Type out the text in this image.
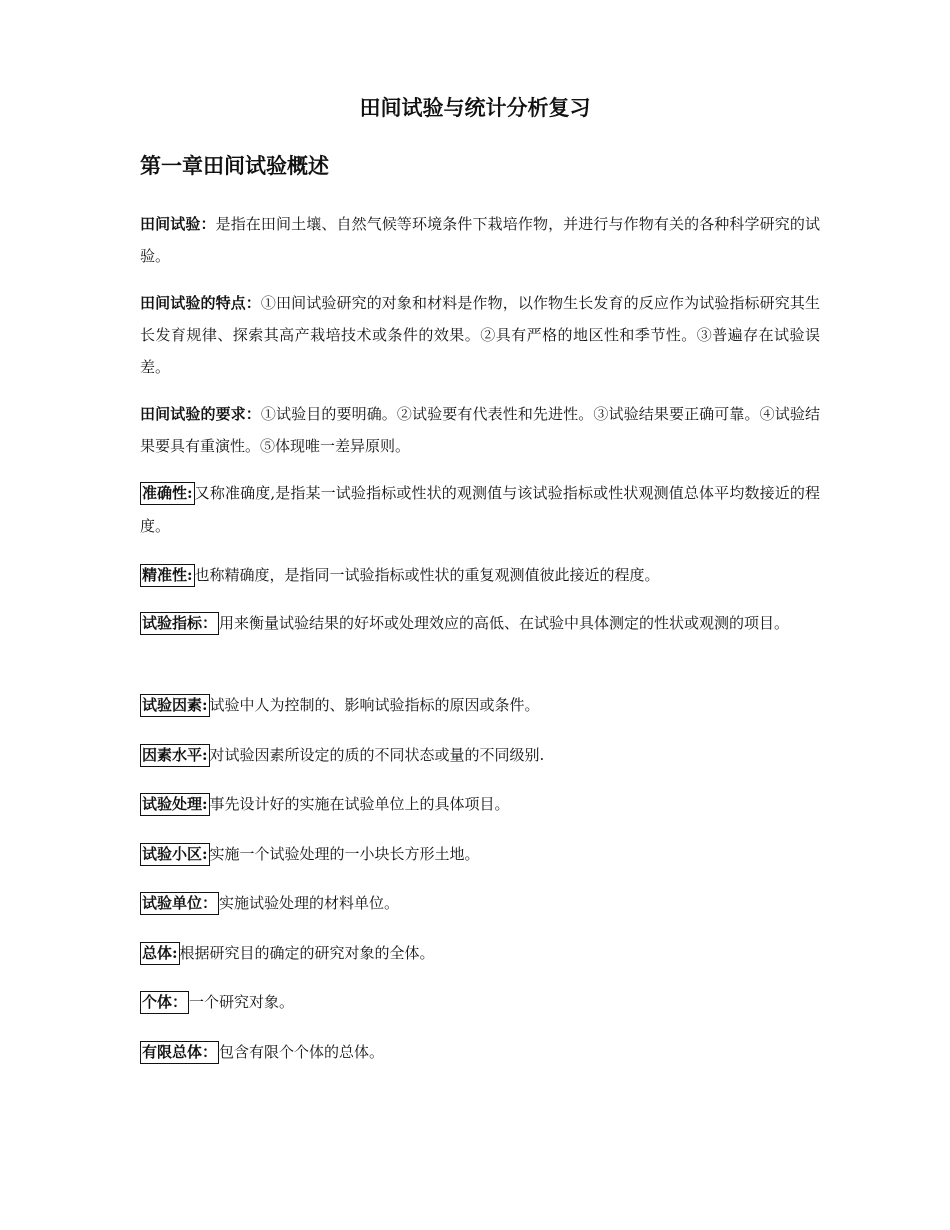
田间试验与统计分析复习
第一章田间试验概述
田间试验：是指在田间土壤、自然气候等环境条件下栽培作物，并进行与作物有关的各种科学研究的试验。
田间试验的特点：①田间试验研究的对象和材料是作物，以作物生长发育的反应作为试验指标研究其生长发育规律、探索其高产栽培技术或条件的效果。②具有严格的地区性和季节性。③普遍存在试验误差。
田间试验的要求：①试验目的要明确。②试验要有代表性和先进性。③试验结果要正确可靠。④试验结果要具有重演性。⑤体现唯一差异原则。
准确性: 又称准确度,是指某一试验指标或性状的观测值与该试验指标或性状观测值总体平均数接近的程度。
精准性: 也称精确度，是指同一试验指标或性状的重复观测值彼此接近的程度。
试验指标： 用来衡量试验结果的好坏或处理效应的高低、在试验中具体测定的性状或观测的项目。
试验因素: 试验中人为控制的、影响试验指标的原因或条件。
因素水平: 对试验因素所设定的质的不同状态或量的不同级别.
试验处理: 事先设计好的实施在试验单位上的具体项目。
试验小区: 实施一个试验处理的一小块长方形土地。
试验单位： 实施试验处理的材料单位。
总体: 根据研究目的确定的研究对象的全体。
个体： 一个研究对象。
有限总体： 包含有限个个体的总体。
